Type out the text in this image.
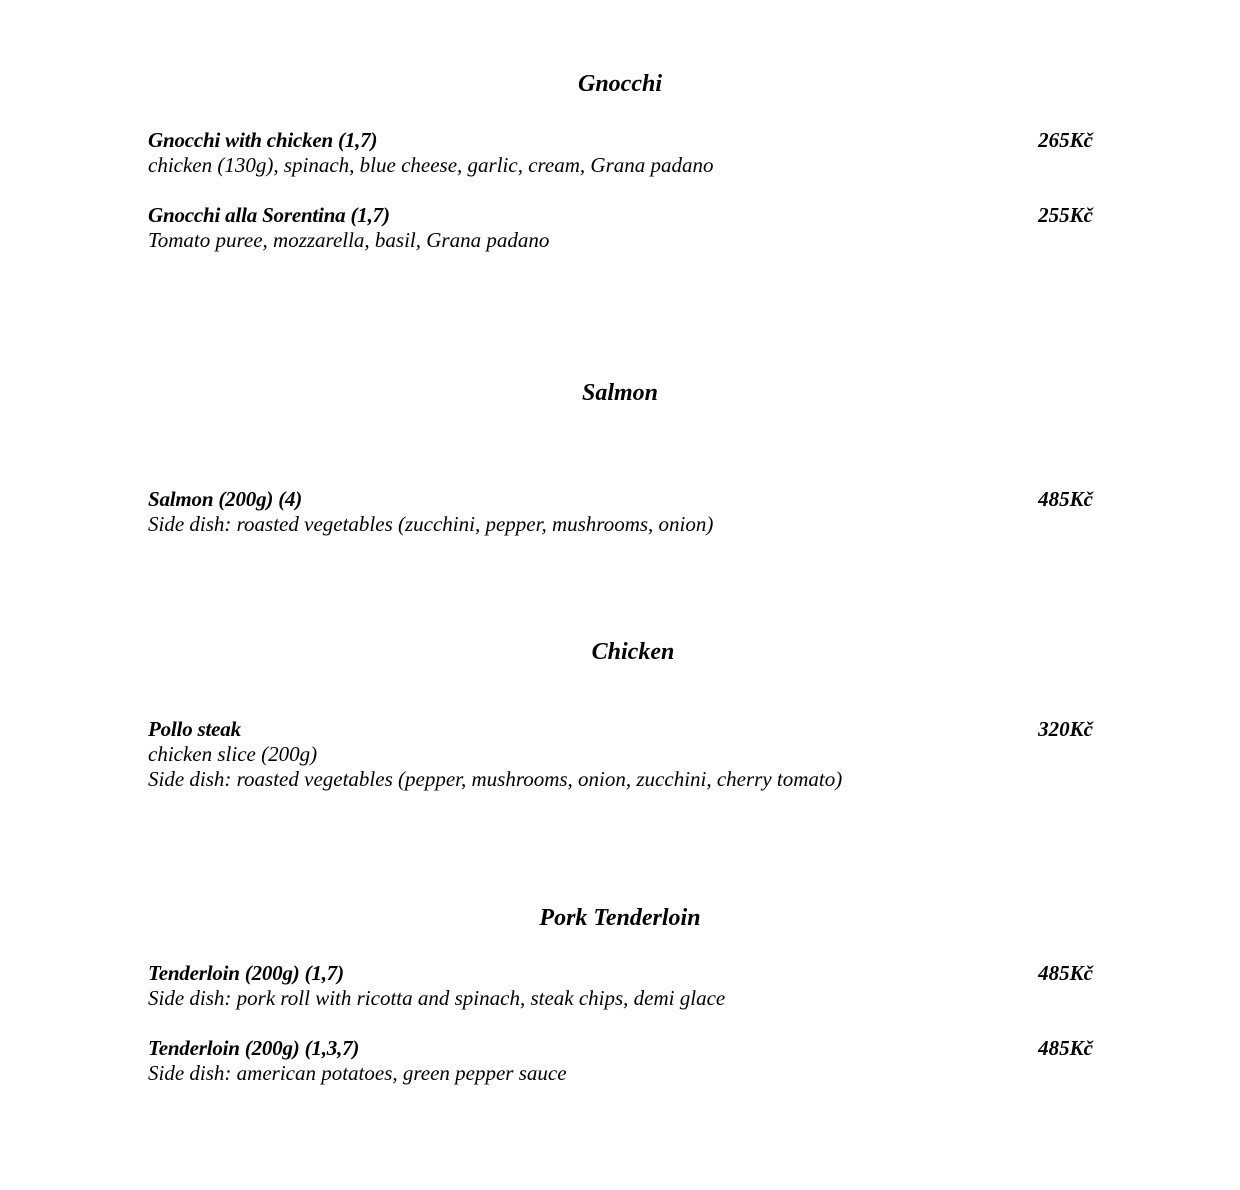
Gnocchi
Gnocchi with chicken (1,7)	265Kč
chicken (130g), spinach, blue cheese, garlic, cream, Grana padano
Gnocchi alla Sorentina (1,7)	255Kč
Tomato puree, mozzarella, basil, Grana padano
Salmon
Salmon (200g) (4)	485Kč
Side dish: roasted vegetables (zucchini, pepper, mushrooms, onion)
Chicken
Pollo steak	320Kč
chicken slice (200g)
Side dish: roasted vegetables (pepper, mushrooms, onion, zucchini, cherry tomato)
Pork Tenderloin
Tenderloin (200g) (1,7)	485Kč
Side dish: pork roll with ricotta and spinach, steak chips, demi glace
Tenderloin (200g) (1,3,7)	485Kč
Side dish: american potatoes, green pepper sauce
